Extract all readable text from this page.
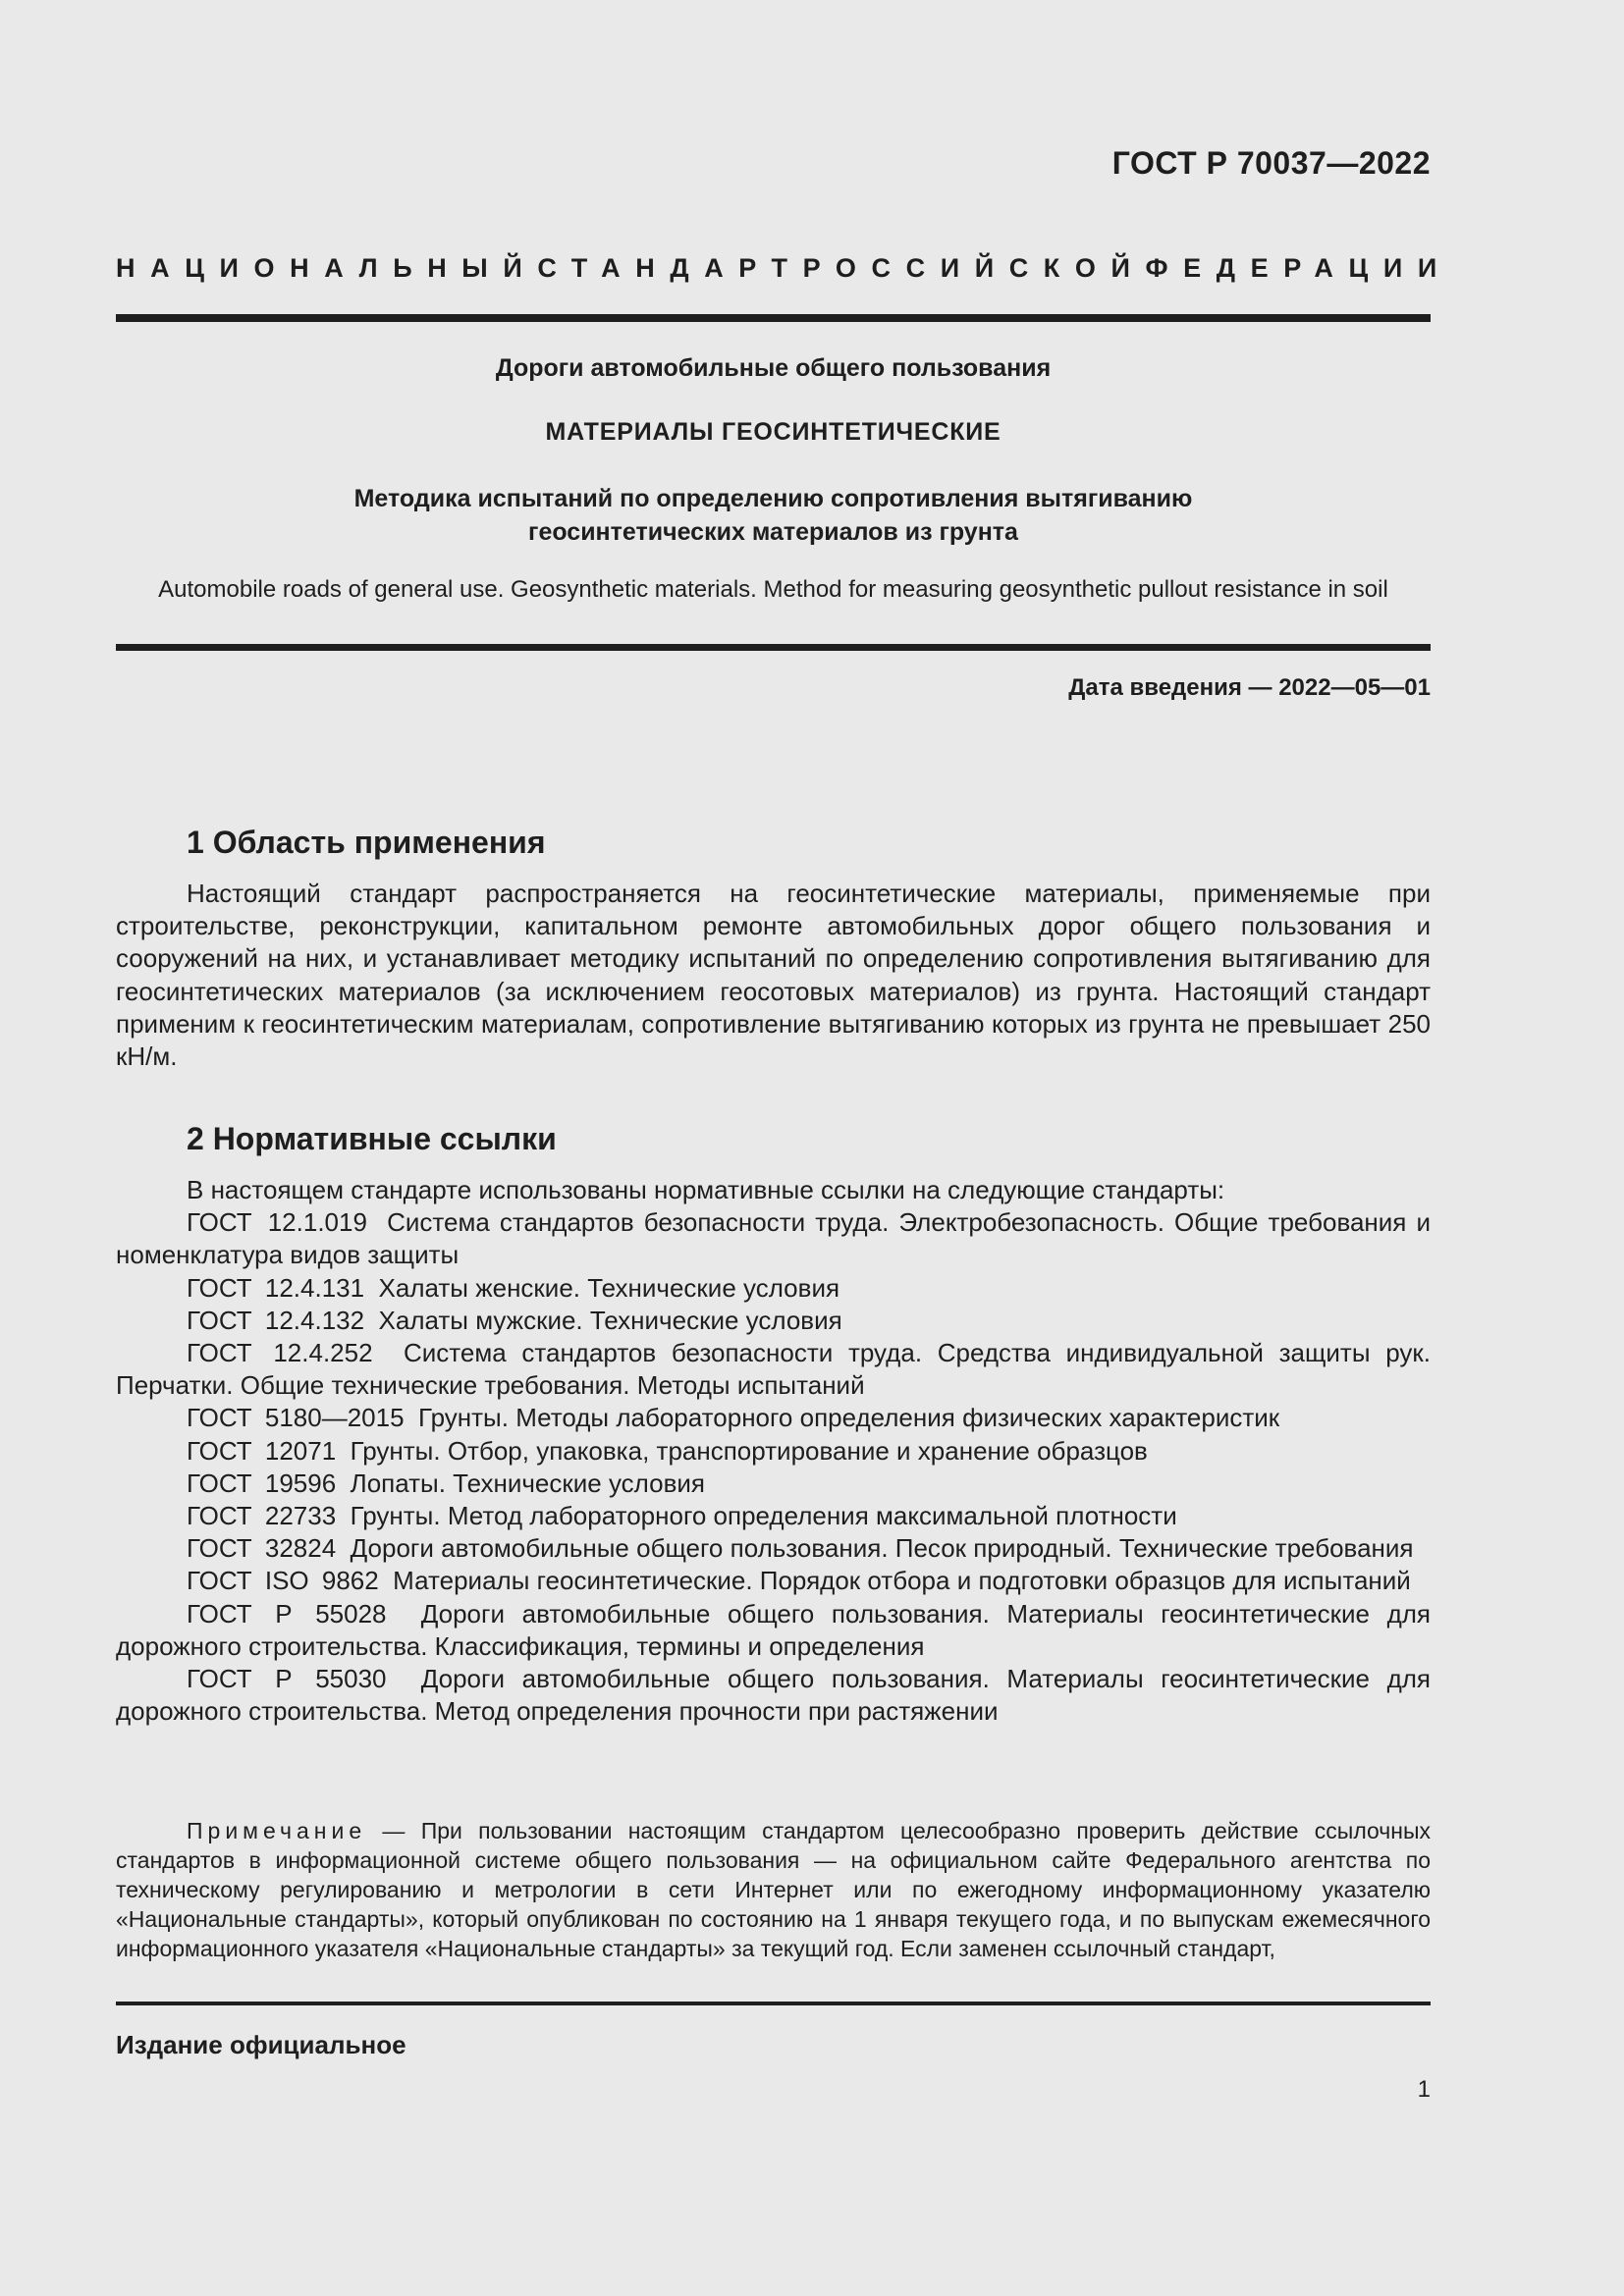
ГОСТ Р 70037—2022
НАЦИОНАЛЬНЫЙ СТАНДАРТ РОССИЙСКОЙ ФЕДЕРАЦИИ
Дороги автомобильные общего пользования
МАТЕРИАЛЫ ГЕОСИНТЕТИЧЕСКИЕ
Методика испытаний по определению сопротивления вытягиванию
геосинтетических материалов из грунта
Automobile roads of general use. Geosynthetic materials. Method for measuring geosynthetic pullout resistance in soil
Дата введения — 2022—05—01
1 Область применения

Настоящий стандарт распространяется на геосинтетические материалы, применяемые при строительстве, реконструкции, капитальном ремонте автомобильных дорог общего пользования и сооружений на них, и устанавливает методику испытаний по определению сопротивления вытягиванию для геосинтетических материалов (за исключением геосотовых материалов) из грунта. Настоящий стандарт применим к геосинтетическим материалам, сопротивление вытягиванию которых из грунта не превышает 250 кН/м.

2 Нормативные ссылки

В настоящем стандарте использованы нормативные ссылки на следующие стандарты:

ГОСТ 12.1.019 Система стандартов безопасности труда. Электробезопасность. Общие требования и номенклатура видов защиты

ГОСТ 12.4.131 Халаты женские. Технические условия

ГОСТ 12.4.132 Халаты мужские. Технические условия

ГОСТ 12.4.252 Система стандартов безопасности труда. Средства индивидуальной защиты рук. Перчатки. Общие технические требования. Методы испытаний

ГОСТ 5180—2015 Грунты. Методы лабораторного определения физических характеристик

ГОСТ 12071 Грунты. Отбор, упаковка, транспортирование и хранение образцов

ГОСТ 19596 Лопаты. Технические условия

ГОСТ 22733 Грунты. Метод лабораторного определения максимальной плотности

ГОСТ 32824 Дороги автомобильные общего пользования. Песок природный. Технические требования

ГОСТ ISO 9862 Материалы геосинтетические. Порядок отбора и подготовки образцов для испытаний

ГОСТ Р 55028 Дороги автомобильные общего пользования. Материалы геосинтетические для дорожного строительства. Классификация, термины и определения

ГОСТ Р 55030 Дороги автомобильные общего пользования. Материалы геосинтетические для дорожного строительства. Метод определения прочности при растяжении

Примечание — При пользовании настоящим стандартом целесообразно проверить действие ссылочных стандартов в информационной системе общего пользования — на официальном сайте Федерального агентства по техническому регулированию и метрологии в сети Интернет или по ежегодному информационному указателю «Национальные стандарты», который опубликован по состоянию на 1 января текущего года, и по выпускам ежемесячного информационного указателя «Национальные стандарты» за текущий год. Если заменен ссылочный стандарт,
Издание официальное
1
